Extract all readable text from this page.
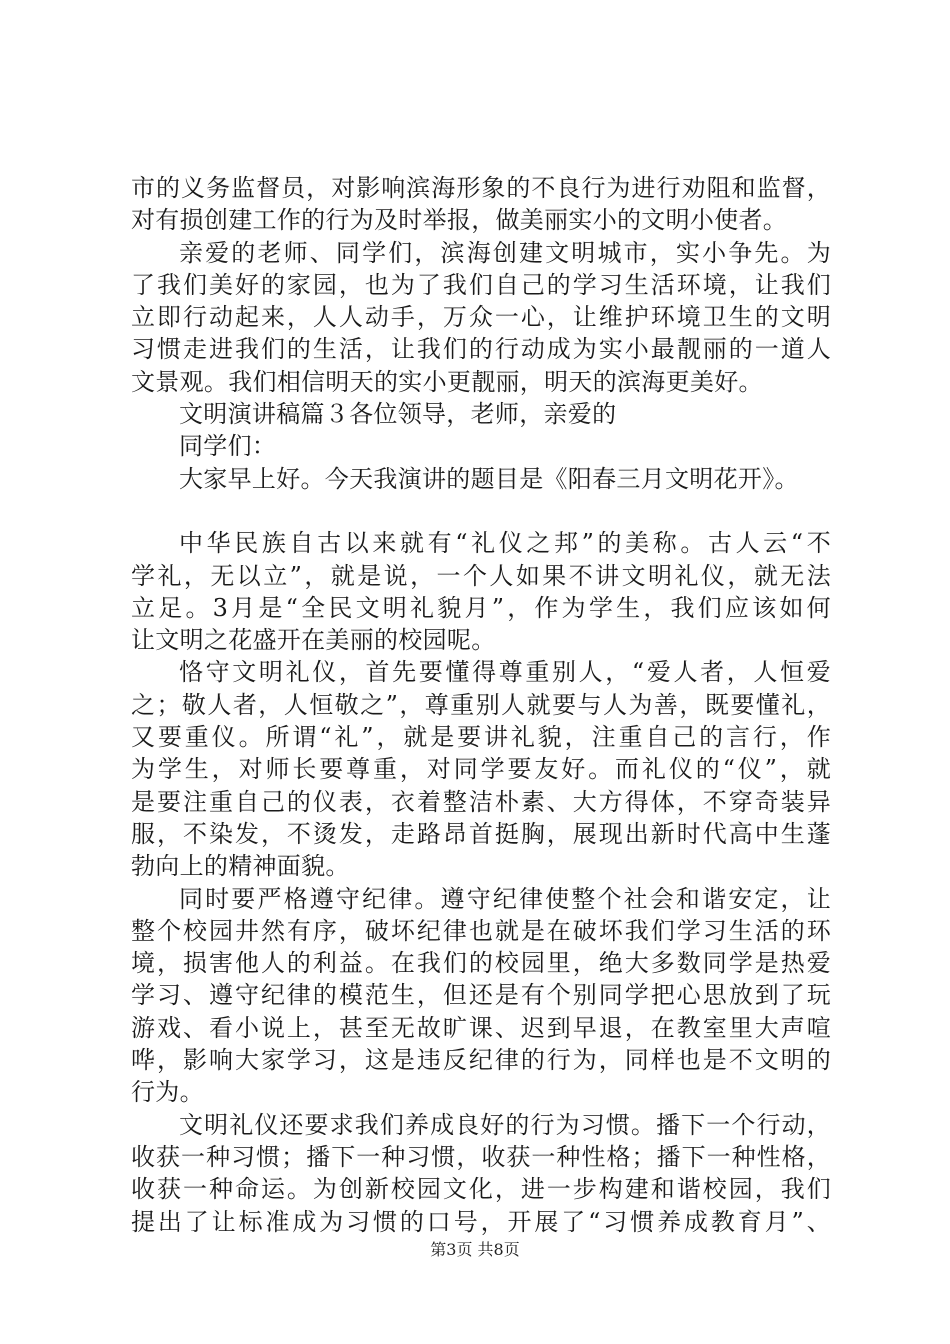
市的义务监督员，对影响滨海形象的不良行为进行劝阻和监督，
对有损创建工作的行为及时举报，做美丽实小的文明小使者。
亲爱的老师、同学们，滨海创建文明城市，实小争先。为
了我们美好的家园，也为了我们自己的学习生活环境，让我们
立即行动起来，人人动手，万众一心，让维护环境卫生的文明
习惯走进我们的生活，让我们的行动成为实小最靓丽的一道人
文景观。我们相信明天的实小更靓丽，明天的滨海更美好。
文明演讲稿篇３各位领导，老师，亲爱的
同学们：
大家早上好。今天我演讲的题目是《阳春三月文明花开》。
中华民族自古以来就有“礼仪之邦”的美称。古人云“不
学礼，无以立”，就是说，一个人如果不讲文明礼仪，就无法
立足。3月是“全民文明礼貌月”，作为学生，我们应该如何
让文明之花盛开在美丽的校园呢。
恪守文明礼仪，首先要懂得尊重别人，“爱人者，人恒爱
之；敬人者，人恒敬之”，尊重别人就要与人为善，既要懂礼，
又要重仪。所谓“礼”，就是要讲礼貌，注重自己的言行，作
为学生，对师长要尊重，对同学要友好。而礼仪的“仪”，就
是要注重自己的仪表，衣着整洁朴素、大方得体，不穿奇装异
服，不染发，不烫发，走路昂首挺胸，展现出新时代高中生蓬
勃向上的精神面貌。
同时要严格遵守纪律。遵守纪律使整个社会和谐安定，让
整个校园井然有序，破坏纪律也就是在破坏我们学习生活的环
境，损害他人的利益。在我们的校园里，绝大多数同学是热爱
学习、遵守纪律的模范生，但还是有个别同学把心思放到了玩
游戏、看小说上，甚至无故旷课、迟到早退，在教室里大声喧
哗，影响大家学习，这是违反纪律的行为，同样也是不文明的
行为。
文明礼仪还要求我们养成良好的行为习惯。播下一个行动，
收获一种习惯；播下一种习惯，收获一种性格；播下一种性格，
收获一种命运。为创新校园文化，进一步构建和谐校园，我们
提出了让标准成为习惯的口号，开展了“习惯养成教育月”、
第3页 共8页
